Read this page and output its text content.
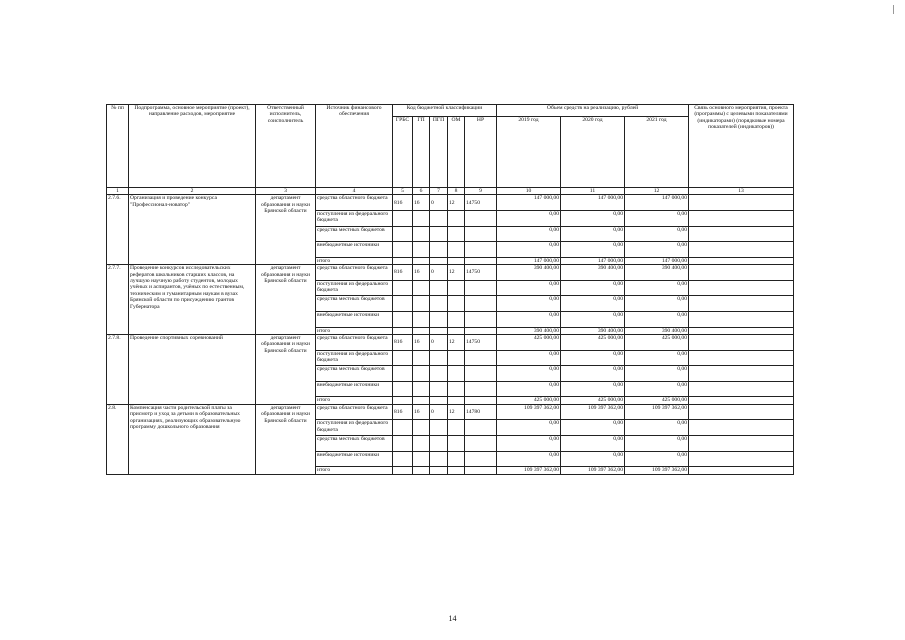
№ пп	Подпрограмма, основное мероприятие (проект), направление расходов, мероприятие	Ответственный исполнитель, соисполнитель	Источник финансового обеспечения	Код бюджетной классификации					Объем средств на реализацию, рублей			Связь основного мероприятия, проекта (программы) с целевыми показателями (индикаторами) (порядковые номера показателей (индикаторов))
				ГРБС	ГП	ПГП	ОМ	НР	2019 год	2020 год	2021 год	
1	2	3	4	5	6	7	8	9	10	11	12	13
2.7.6.	Организация и проведение конкурса "Профессионал-новатор"	департамент образования и науки Брянской области	средства областного бюджета	816	16	0	12	14750	147 000,00	147 000,00	147 000,00	
			поступления из федерального бюджета						0,00	0,00	0,00	
			средства местных бюджетов						0,00	0,00	0,00	
			внебюджетные источники						0,00	0,00	0,00	
			итого						147 000,00	147 000,00	147 000,00	
2.7.7.	Проведение конкурсов исследовательских рефератов школьников старших классов, на лучшую научную работу студентов, молодых учёных и аспирантов, учёных по естественным, техническим и гуманитарным наукам в вузах Брянской области по присуждению грантов Губернатора	департамент образования и науки Брянской области	средства областного бюджета	816	16	0	12	14750	390 400,00	390 400,00	390 400,00	
			поступления из федерального бюджета						0,00	0,00	0,00	
			средства местных бюджетов						0,00	0,00	0,00	
			внебюджетные источники						0,00	0,00	0,00	
			итого						390 400,00	390 400,00	390 400,00	
2.7.8.	Проведение спортивных соревнований	департамент образования и науки Брянской области	средства областного бюджета	816	16	0	12	14750	425 000,00	425 000,00	425 000,00	
			поступления из федерального бюджета						0,00	0,00	0,00	
			средства местных бюджетов						0,00	0,00	0,00	
			внебюджетные источники						0,00	0,00	0,00	
			итого						425 000,00	425 000,00	425 000,00	
2.8.	Компенсация части родительской платы за присмотр и уход за детьми в образовательных организациях, реализующих образовательную программу дошкольного образования	департамент образования и науки Брянской области	средства областного бюджета	816	16	0	12	14780	109 397 362,00	109 397 362,00	109 397 362,00	
			поступления из федерального бюджета						0,00	0,00	0,00	
			средства местных бюджетов						0,00	0,00	0,00	
			внебюджетные источники						0,00	0,00	0,00	
			итого						109 397 362,00	109 397 362,00	109 397 362,00	
14
